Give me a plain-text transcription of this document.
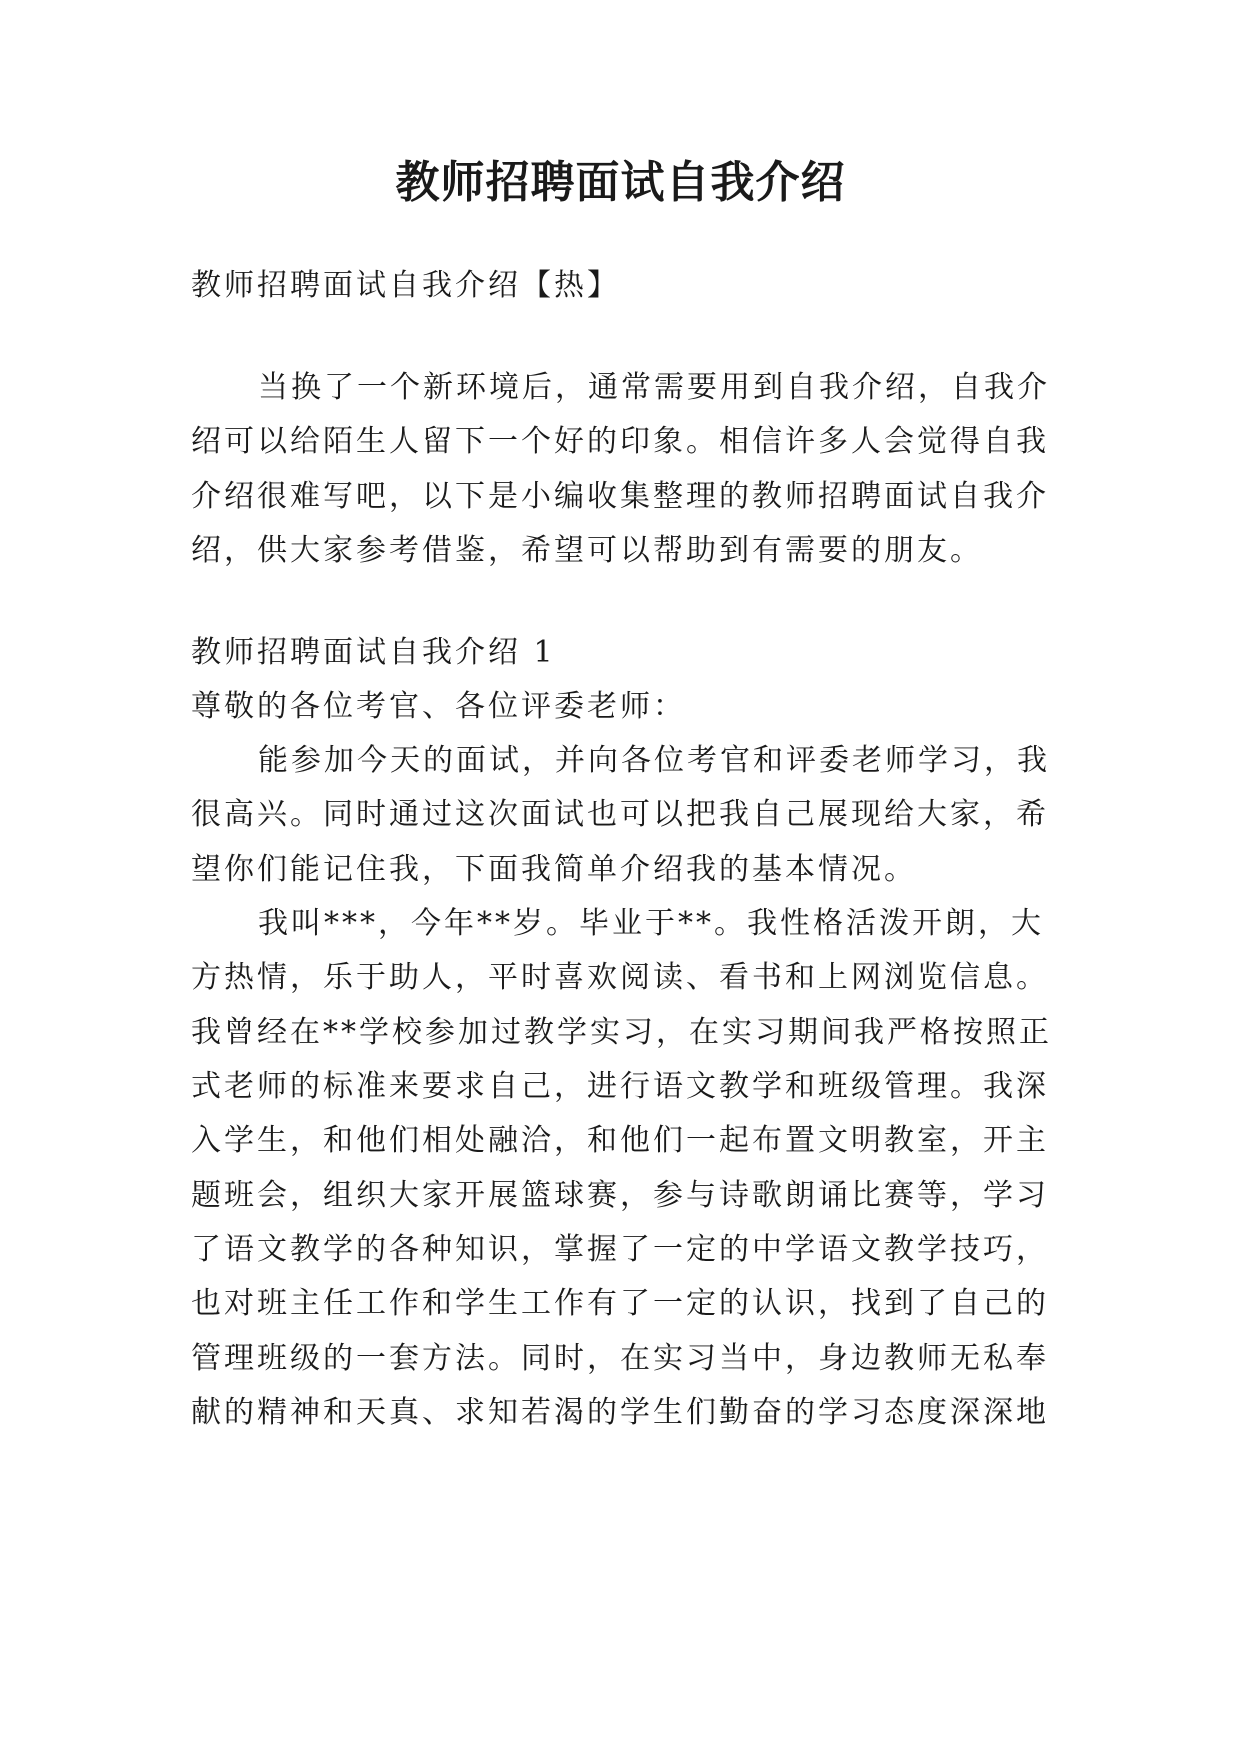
教师招聘面试自我介绍
教师招聘面试自我介绍【热】
当换了一个新环境后，通常需要用到自我介绍，自我介
绍可以给陌生人留下一个好的印象。相信许多人会觉得自我
介绍很难写吧，以下是小编收集整理的教师招聘面试自我介
绍，供大家参考借鉴，希望可以帮助到有需要的朋友。
教师招聘面试自我介绍 1
尊敬的各位考官、各位评委老师：
能参加今天的面试，并向各位考官和评委老师学习，我
很高兴。同时通过这次面试也可以把我自己展现给大家，希
望你们能记住我，下面我简单介绍我的基本情况。
我叫***，今年**岁。毕业于**。我性格活泼开朗，大
方热情，乐于助人，平时喜欢阅读、看书和上网浏览信息。
我曾经在**学校参加过教学实习，在实习期间我严格按照正
式老师的标准来要求自己，进行语文教学和班级管理。我深
入学生，和他们相处融洽，和他们一起布置文明教室，开主
题班会，组织大家开展篮球赛，参与诗歌朗诵比赛等，学习
了语文教学的各种知识，掌握了一定的中学语文教学技巧，
也对班主任工作和学生工作有了一定的认识，找到了自己的
管理班级的一套方法。同时，在实习当中，身边教师无私奉
献的精神和天真、求知若渴的学生们勤奋的学习态度深深地
